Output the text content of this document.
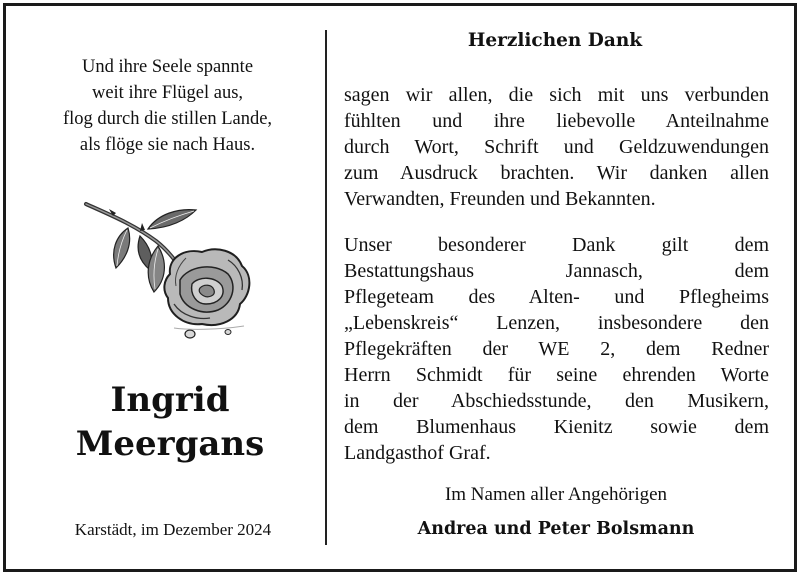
Und ihre Seele spannte
weit ihre Flügel aus,
flog durch die stillen Lande,
als flöge sie nach Haus.
Ingrid
Meergans
Karstädt, im Dezember 2024
Herzlichen Dank
sagen wir allen, die sich mit uns verbunden
fühlten und ihre liebevolle Anteilnahme
durch Wort, Schrift und Geldzuwendungen
zum Ausdruck brachten. Wir danken allen
Verwandten, Freunden und Bekannten.
Unser besonderer Dank gilt dem
Bestattungshaus Jannasch, dem
Pflegeteam des Alten- und Pflegheims
„Lebenskreis“ Lenzen, insbesondere den
Pflegekräften der WE 2, dem Redner
Herrn Schmidt für seine ehrenden Worte
in der Abschiedsstunde, den Musikern,
dem Blumenhaus Kienitz sowie dem
Landgasthof Graf.
Im Namen aller Angehörigen
Andrea und Peter Bolsmann
